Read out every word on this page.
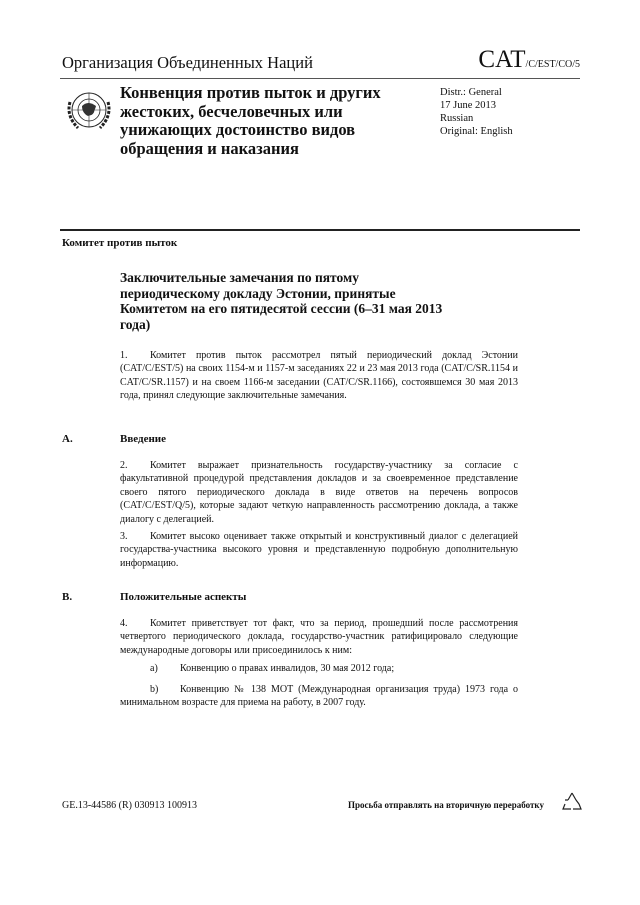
Организация Объединенных Наций	CAT/C/EST/CO/5
Конвенция против пыток и других жестоких, бесчеловечных или унижающих достоинство видов обращения и наказания
Distr.: General
17 June 2013
Russian
Original: English
Комитет против пыток
Заключительные замечания по пятому периодическому докладу Эстонии, принятые Комитетом на его пятидесятой сессии (6–31 мая 2013 года)
1. Комитет против пыток рассмотрел пятый периодический доклад Эстонии (CAT/C/EST/5) на своих 1154-м и 1157-м заседаниях 22 и 23 мая 2013 года (CAT/C/SR.1154 и CAT/C/SR.1157) и на своем 1166-м заседании (CAT/C/SR.1166), состоявшемся 30 мая 2013 года, принял следующие заключительные замечания.
A.	Введение
2. Комитет выражает признательность государству-участнику за согласие с факультативной процедурой представления докладов и за своевременное представление своего пятого периодического доклада в виде ответов на перечень вопросов (CAT/C/EST/Q/5), которые задают четкую направленность рассмотрению доклада, а также диалогу с делегацией.
3. Комитет высоко оценивает также открытый и конструктивный диалог с делегацией государства-участника высокого уровня и представленную подробную дополнительную информацию.
B.	Положительные аспекты
4. Комитет приветствует тот факт, что за период, прошедший после рассмотрения четвертого периодического доклада, государство-участник ратифицировало следующие международные договоры или присоединилось к ним:
a) Конвенцию о правах инвалидов, 30 мая 2012 года;
b) Конвенцию № 138 МОТ (Международная организация труда) 1973 года о минимальном возрасте для приема на работу, в 2007 году.
GE.13-44586 (R) 030913 100913	Просьба отправлять на вторичную переработку
